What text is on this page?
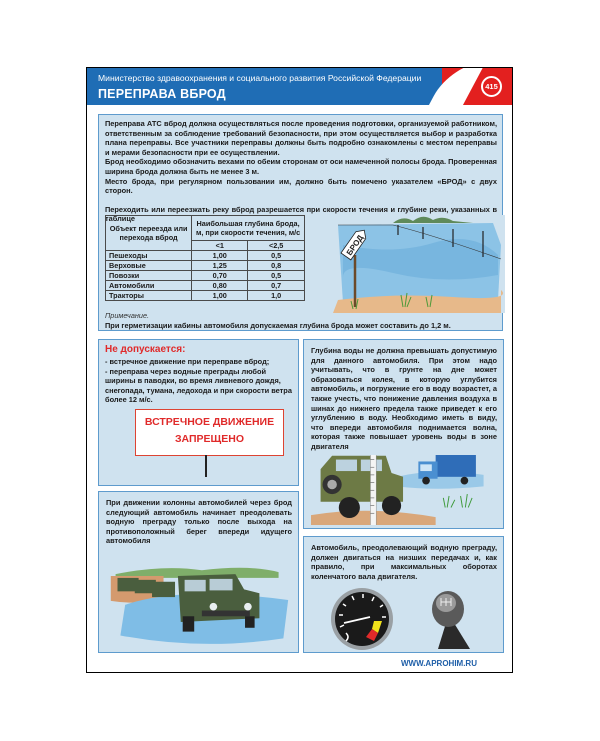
Министерство здравоохранения и социального развития Российской Федерации
ПЕРЕПРАВА ВБРОД
415

Переправа АТС вброд должна осуществляться после проведения подготовки, организуемой работником, ответственным за соблюдение требований безопасности, при этом осуществляется выбор и разработка плана переправы. Все участники переправы должны быть подробно ознакомлены с местом переправы и мерами безопасности при ее осуществлении.

Брод необходимо обозначить вехами по обеим сторонам от оси намеченной полосы брода. Проверенная ширина брода должна быть не менее 3 м.

Место брода, при регулярном пользовании им, должно быть помечено указателем «БРОД» с двух сторон.

Переходить или переезжать реку вброд разрешается при скорости течения и глубине реки, указанных в таблице

Объект переезда или перехода вброд	Наибольшая глубина брода, м, при скорости течения, м/с	
	<1	<2,5
Пешеходы	1,00	0,5
Верховые	1,25	0,8
Повозки	0,70	0,5
Автомобили	0,80	0,7
Тракторы	1,00	1,0
БРОД
Примечание.
При герметизации кабины автомобиля допускаемая глубина брода может составить до 1,2 м.
Не допускается:
- встречное движение при переправе вброд;
- переправа через водные преграды любой ширины в паводки, во время ливневого дождя, снегопада, тумана, ледохода и при скорости ветра более 12 м/с.
ВСТРЕЧНОЕ ДВИЖЕНИЕ
ЗАПРЕЩЕНО
Глубина воды не должна превышать допустимую для данного автомобиля. При этом надо учитывать, что в грунте на дне может образоваться колея, в которую углубится автомобиль, и погружение его в воду возрастет, а также учесть, что понижение давления воздуха в шинах до нижнего предела также приведет к его углублению в воду. Необходимо иметь в виду, что впереди автомобиля поднимается волна, которая также повышает уровень воды в зоне двигателя
При движении колонны автомобилей через брод следующий автомобиль начинает преодолевать водную преграду только после выхода на противоположный берег впереди идущего автомобиля
Автомобиль, преодолевающий водную преграду, должен двигаться на низших передачах и, как правило, при максимальных оборотах коленчатого вала двигателя.
WWW.APROHIM.RU
